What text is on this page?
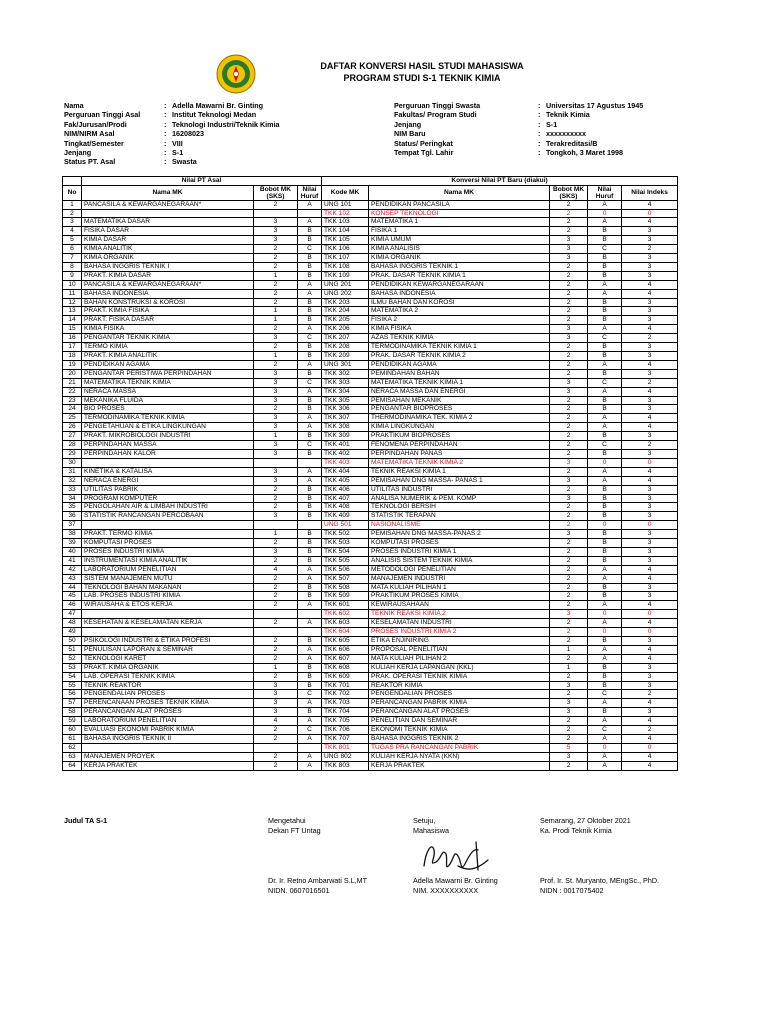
DAFTAR KONVERSI HASIL STUDI MAHASISWA
PROGRAM STUDI S-1 TEKNIK KIMIA
Nama	: Adella Mawarni Br. Ginting
Perguruan Tinggi Asal	: Institut Teknologi Medan
Fak/Jurusan/Prodi	: Teknologi Industri/Teknik Kimia
NIM/NIRM Asal	: 16208023
Tingkat/Semester	: VIII
Jenjang	: S-1
Status PT. Asal	: Swasta
Perguruan Tinggi Swasta	: Universitas 17 Agustus 1945
Fakultas/ Program Studi	: Teknik Kimia
Jenjang	: S-1
NIM Baru	: xxxxxxxxxx
Status/ Peringkat	: Terakreditasi/B
Tempat Tgl. Lahir	: Tongkoh, 3 Maret 1998
	Nilai PT Asal			Konversi Nilai PT Baru (diakui)				
No	Nama MK	Bobot MK (SKS)	Nilai Huruf	Kode MK	Nama MK	Bobot MK (SKS)	Nilai Huruf	Nilai Indeks
1	PANCASILA & KEWARGANEGARAAN*	2	A	UNG 101	PENDIDIKAN PANCASILA	2	A	4
2				TKK 102	KONSEP TEKNOLOGI	2	0	0
3	MATEMATIKA DASAR	3	A	TKK 103	MATEMATIKA 1	2	A	4
4	FISIKA DASAR	3	B	TKK 104	FISIKA 1	2	B	3
5	KIMIA DASAR	3	B	TKK 105	KIMIA UMUM	3	B	3
6	KIMIA ANALITIK	2	C	TKK 106	KIMIA ANALISIS	3	C	2
7	KIMIA ORGANIK	2	B	TKK 107	KIMIA ORGANIK	3	B	3
8	BAHASA INGGRIS TEKNIK I	2	B	TKK 108	BAHASA INGGRIS TEKNIK 1	2	B	3
9	PRAKT. KIMIA DASAR	1	B	TKK 109	PRAK. DASAR TEKNIK KIMIA 1	2	B	3
10	PANCASILA & KEWARGANEGARAAN*	2	A	UNG 201	PENDIDIKAN KEWARGANEGARAAN	2	A	4
11	BAHASA INDONESIA	2	A	UNG 202	BAHASA INDONESIA	2	A	4
12	BAHAN KONSTRUKSI & KOROSI	2	B	TKK 203	ILMU BAHAN DAN KOROSI	2	B	3
13	PRAKT. KIMIA FISIKA	1	B	TKK 204	MATEMATIKA 2	2	B	3
14	PRAKT. FISIKA DASAR	1	B	TKK 205	FISIKA 2	2	B	3
15	KIMIA FISIKA	2	A	TKK 206	KIMIA FISIKA	3	A	4
16	PENGANTAR TEKNIK KIMIA	3	C	TKK 207	AZAS TEKNIK KIMIA	3	C	2
17	TERMO KIMIA	2	B	TKK 208	TERMODINAMIKA TEKNIK KIMIA 1	2	B	3
18	PRAKT. KIMIA ANALITIK	1	B	TKK 209	PRAK. DASAR TEKNIK KIMIA 2	2	B	3
19	PENDIDIKAN AGAMA	2	A	UNG 301	PENDIDIKAN AGAMA	2	A	4
20	PENGANTAR PERISTIWA PERPINDAHAN	3	B	TKK 302	PEMINDAHAN BAHAN	2	B	3
21	MATEMATIKA TEKNIK KIMIA	3	C	TKK 303	MATEMATIKA TEKNIK KIMIA 1	3	C	2
22	NERACA MASSA	3	A	TKK 304	NERACA MASSA DAN ENERGI	3	A	4
23	MEKANIKA FLUIDA	3	B	TKK 305	PEMISAHAN MEKANIK	2	B	3
24	BIO PROSES	2	B	TKK 306	PENGANTAR BIOPROSES	2	B	3
25	TERMODINAMIKA TEKNIK KIMIA	3	A	TKK 307	THERMODINAMIKA TEK. KIMIA 2	2	A	4
26	PENGETAHUAN & ETIKA LINGKUNGAN	3	A	TKK 308	KIMIA LINGKUNGAN	2	A	4
27	PRAKT. MIKROBIOLOGI INDUSTRI	1	B	TKK 309	PRAKTIKUM BIOPROSES	2	B	3
28	PERPINDAHAN MASSA	3	C	TKK 401	FENOMENA PERPINDAHAN	2	C	2
29	PERPINDAHAN KALOR	3	B	TKK 402	PERPINDAHAN PANAS	2	B	3
30				TKK 403	MATEMATIKA TEKNIK KIMIA 2	3	0	0
31	KINETIKA & KATALISA	3	A	TKK 404	TEKNIK REAKSI KIMIA 1	2	A	4
32	NERACA ENERGI	3	A	TKK 405	PEMISAHAN DNG MASSA- PANAS 1	3	A	4
33	UTILITAS PABRIK	2	B	TKK 406	UTILITAS INDUSTRI	2	B	3
34	PROGRAM KOMPUTER	2	B	TKK 407	ANALISA NUMERIK & PEM. KOMP	3	B	3
35	PENGOLAHAN AIR & LIMBAH INDUSTRI	2	B	TKK 408	TEKNOLOGI BERSIH	2	B	3
36	STATISTIK RANCANGAN PERCOBAAN	3	B	TKK 409	STATISTIK TERAPAN	2	B	3
37				UNG 501	NASIONALISME	2	0	0
38	PRAKT. TERMO KIMIA	1	B	TKK 502	PEMISAHAN DNG MASSA-PANAS 2	3	B	3
39	KOMPUTASI PROSES	2	B	TKK 503	KOMPUTASI PROSES	2	B	3
40	PROSES INDUSTRI KIMIA	3	B	TKK 504	PROSES INDUSTRI KIMIA 1	2	B	3
41	INSTRUMENTASI KIMIA ANALITIK	2	B	TKK 505	ANALISIS SISTEM TEKNIK KIMIA	2	B	3
42	LABORATORIUM PENELITIAN	4	A	TKK 506	METODOLOGI PENELITIAN	2	A	4
43	SISTEM MANAJEMEN MUTU	2	A	TKK 507	MANAJEMEN INDUSTRI	2	A	4
44	TEKNOLOGI BAHAN MAKANAN	2	B	TKK 508	MATA KULIAH PILIHAN 1	2	B	3
45	LAB. PROSES INDUSTRI KIMIA	2	B	TKK 509	PRAKTIKUM PROSES KIMIA	2	B	3
46	WIRAUSAHA & ETOS KERJA	2	A	TKK 601	KEWIRAUSAHAAN	2	A	4
47				TKK 602	TEKNIK REAKSI KIMIA 2	3	0	0
48	KESEHATAN & KESELAMATAN KERJA	2	A	TKK 603	KESELAMATAN INDUSTRI	2	A	4
49				TKK 604	PROSES INDUSTRI KIMIA 2	2	0	0
50	PSIKOLOGI INDUSTRI & ETIKA PROFESI	2	B	TKK 605	ETIKA ENJINIRING	2	B	3
51	PENULISAN LAPORAN & SEMINAR	2	A	TKK 606	PROPOSAL PENELITIAN	1	A	4
52	TEKNOLOGI KARET	2	A	TKK 607	MATA KULIAH PILIHAN 2	2	A	4
53	PRAKT. KIMIA ORGANIK	1	B	TKK 608	KULIAH KERJA LAPANGAN (KKL)	1	B	3
54	LAB. OPERASI TEKNIK KIMIA	2	B	TKK 609	PRAK. OPERASI TEKNIK KIMIA	2	B	3
55	TEKNIK REAKTOR	3	B	TKK 701	REAKTOR KIMIA	3	B	3
56	PENGENDALIAN PROSES	3	C	TKK 702	PENGENDALIAN PROSES	2	C	2
57	PERENCANAAN PROSES TEKNIK KIMIA	3	A	TKK 703	PERANCANGAN PABRIK KIMIA	3	A	4
58	PERANCANGAN ALAT PROSES	3	B	TKK 704	PERANCANGAN ALAT PROSES	3	B	3
59	LABORATORIUM PENELITIAN	4	A	TKK 705	PENELITIAN DAN SEMINAR	2	A	4
60	EVALUASI EKONOMI PABRIK KIMIA	2	C	TKK 706	EKONOMI TEKNIK KIMIA	2	C	2
61	BAHASA INGGRIS TEKNIK II	2	A	TKK 707	BAHASA INGGRIS TEKNIK 2	2	A	4
62				TKK 801	TUGAS PRA RANCANGAN PABRIK	5	0	0
63	MANAJEMEN PROYEK	2	A	UNG 802	KULIAH KERJA NYATA (KKN)	3	A	4
64	KERJA PRAKTEK	2	A	TKK 803	KERJA PRAKTEK	2	A	4
Judul TA S-1	Mengetahui
Dekan FT Untag
Dr. Ir. Retno Ambarwati S.L,MT
NIDN. 0607016501
Setuju,
Mahasiswa
Adella Mawarni Br. Ginting
NIM. XXXXXXXXXX
Semarang, 27 Oktober 2021
Ka. Prodi Teknik Kimia
Prof. Ir. St. Muryanto, MEngSc., PhD.
NIDN : 0017075402
